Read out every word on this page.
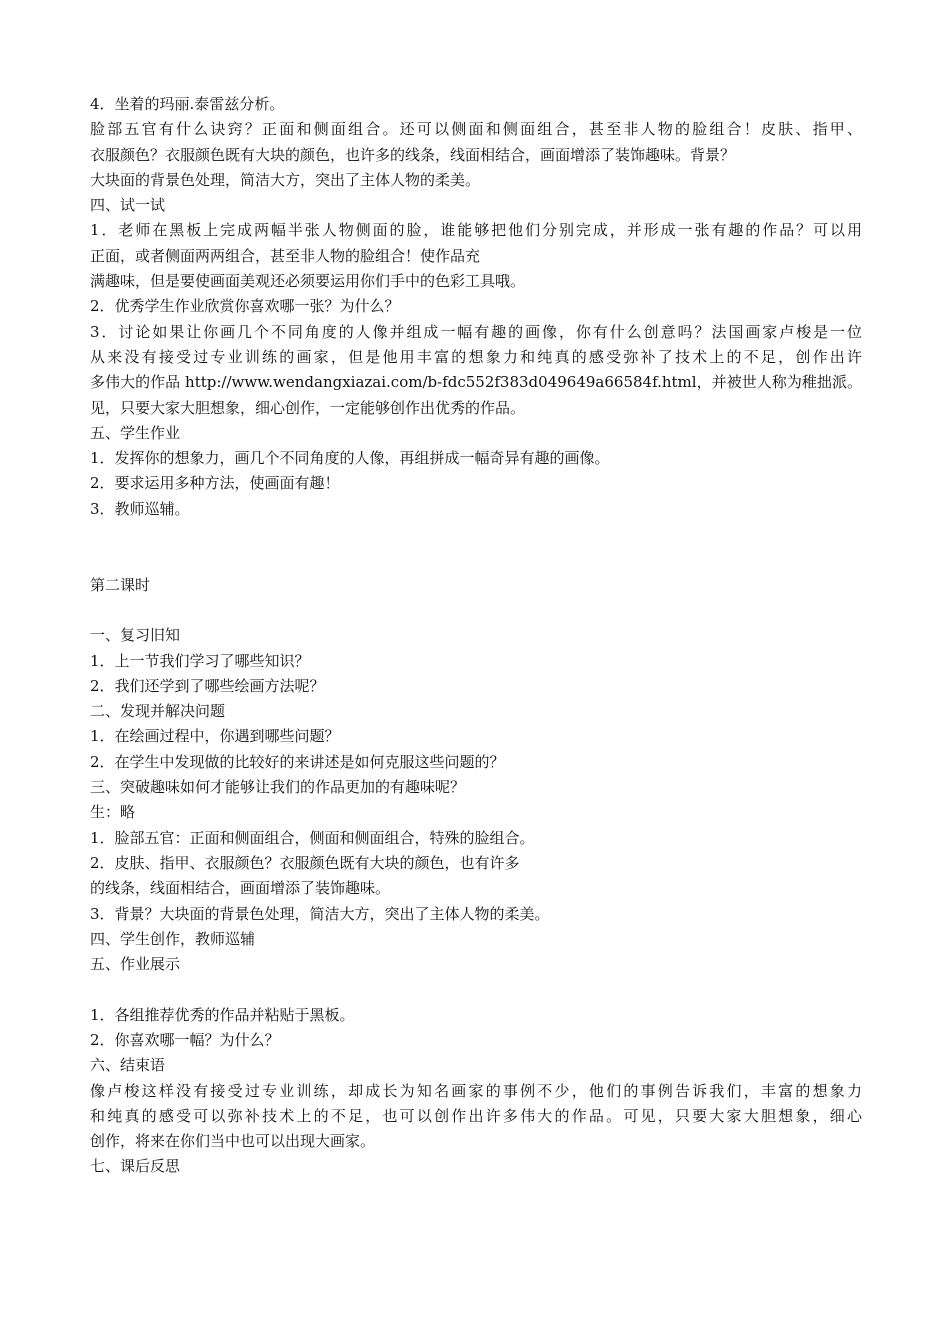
4．坐着的玛丽.泰雷兹分析。
脸部五官有什么诀窍？正面和侧面组合。还可以侧面和侧面组合，甚至非人物的脸组合！皮肤、指甲、
衣服颜色？衣服颜色既有大块的颜色，也许多的线条，线面相结合，画面增添了装饰趣味。背景？
大块面的背景色处理，简洁大方，突出了主体人物的柔美。
四、试一试
1．老师在黑板上完成两幅半张人物侧面的脸，谁能够把他们分别完成，并形成一张有趣的作品？可以用
正面，或者侧面两两组合，甚至非人物的脸组合！使作品充
满趣味，但是要使画面美观还必须要运用你们手中的色彩工具哦。
2．优秀学生作业欣赏你喜欢哪一张？为什么？
3．讨论如果让你画几个不同角度的人像并组成一幅有趣的画像，你有什么创意吗？法国画家卢梭是一位
从来没有接受过专业训练的画家，但是他用丰富的想象力和纯真的感受弥补了技术上的不足，创作出许
多伟大的作品 http://www.wendangxiazai.com/b-fdc552f383d049649a66584f.html，并被世人称为稚拙派。
见，只要大家大胆想象，细心创作，一定能够创作出优秀的作品。
五、学生作业
1．发挥你的想象力，画几个不同角度的人像，再组拼成一幅奇异有趣的画像。
2．要求运用多种方法，使画面有趣！
3．教师巡辅。
第二课时
一、复习旧知
1．上一节我们学习了哪些知识？
2．我们还学到了哪些绘画方法呢？
二、发现并解决问题
1．在绘画过程中，你遇到哪些问题？
2．在学生中发现做的比较好的来讲述是如何克服这些问题的？
三、突破趣味如何才能够让我们的作品更加的有趣味呢？
生：略
1．脸部五官：正面和侧面组合，侧面和侧面组合，特殊的脸组合。
2．皮肤、指甲、衣服颜色？衣服颜色既有大块的颜色，也有许多
的线条，线面相结合，画面增添了装饰趣味。
3．背景？大块面的背景色处理，简洁大方，突出了主体人物的柔美。
四、学生创作，教师巡辅
五、作业展示
1．各组推荐优秀的作品并粘贴于黑板。
2．你喜欢哪一幅？为什么？
六、结束语
像卢梭这样没有接受过专业训练，却成长为知名画家的事例不少，他们的事例告诉我们，丰富的想象力
和纯真的感受可以弥补技术上的不足，也可以创作出许多伟大的作品。可见，只要大家大胆想象，细心
创作，将来在你们当中也可以出现大画家。
七、课后反思
